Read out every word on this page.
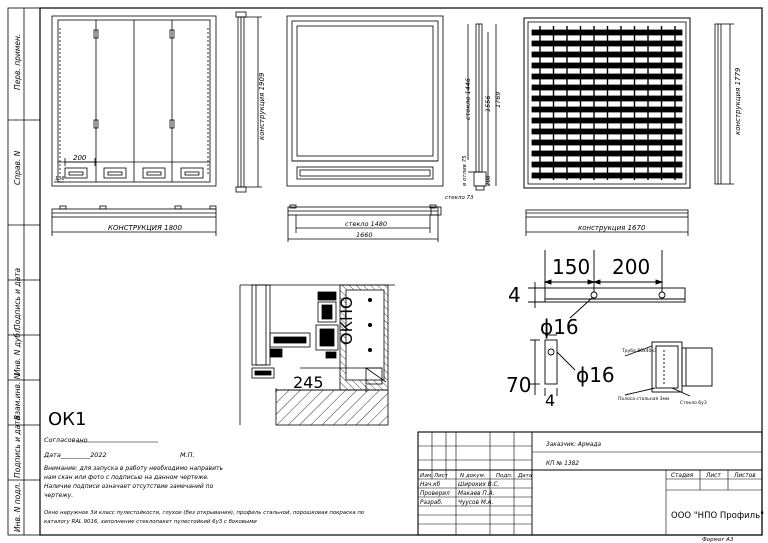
Перв. примен.
Справ. N
Подпись и дата
Инв. N дубл.
Взам.инв. N
Подпись и дата
Инв. N подл.
200
136
конструкция 1909
КОНСТРУКЦИЯ 1800
стекло 1446 1556 1769
в отлив 75	208
стекло 73
стекло 1480
1660
конструкция 1779
конструкция 1670
ОКНО
245
150 200
4
ϕ16
ϕ16
70
4
Труба 80х40х3
Полоса стальная 3мм
Стекло 6у3
ОК1
Согласовано
Дата_________2022	М.П.
Внимание: для запуска в работу необходимо направить
нам скан или фото с подписью на данном чертеже.
Наличие подписи означает отсутствие замечаний по
чертежу.
Окно наружное 3й класс пулестойкости, глухое (без открывания), профиль стальной, порошковая покраска по
каталогу RAL 9016, заполнение стеклопакет пулестойкий 6у3 с боковыми
Заказчик: Армада
КП № 1382
Изм. Лист N докум. Подп. Дата
Нач.кб	Широких В.С.
Проверил Макаев П.А.
Разраб.	Чуусов М.А.
Стадия Лист Листов
ООО "НПО Профиль"
Формат А3
